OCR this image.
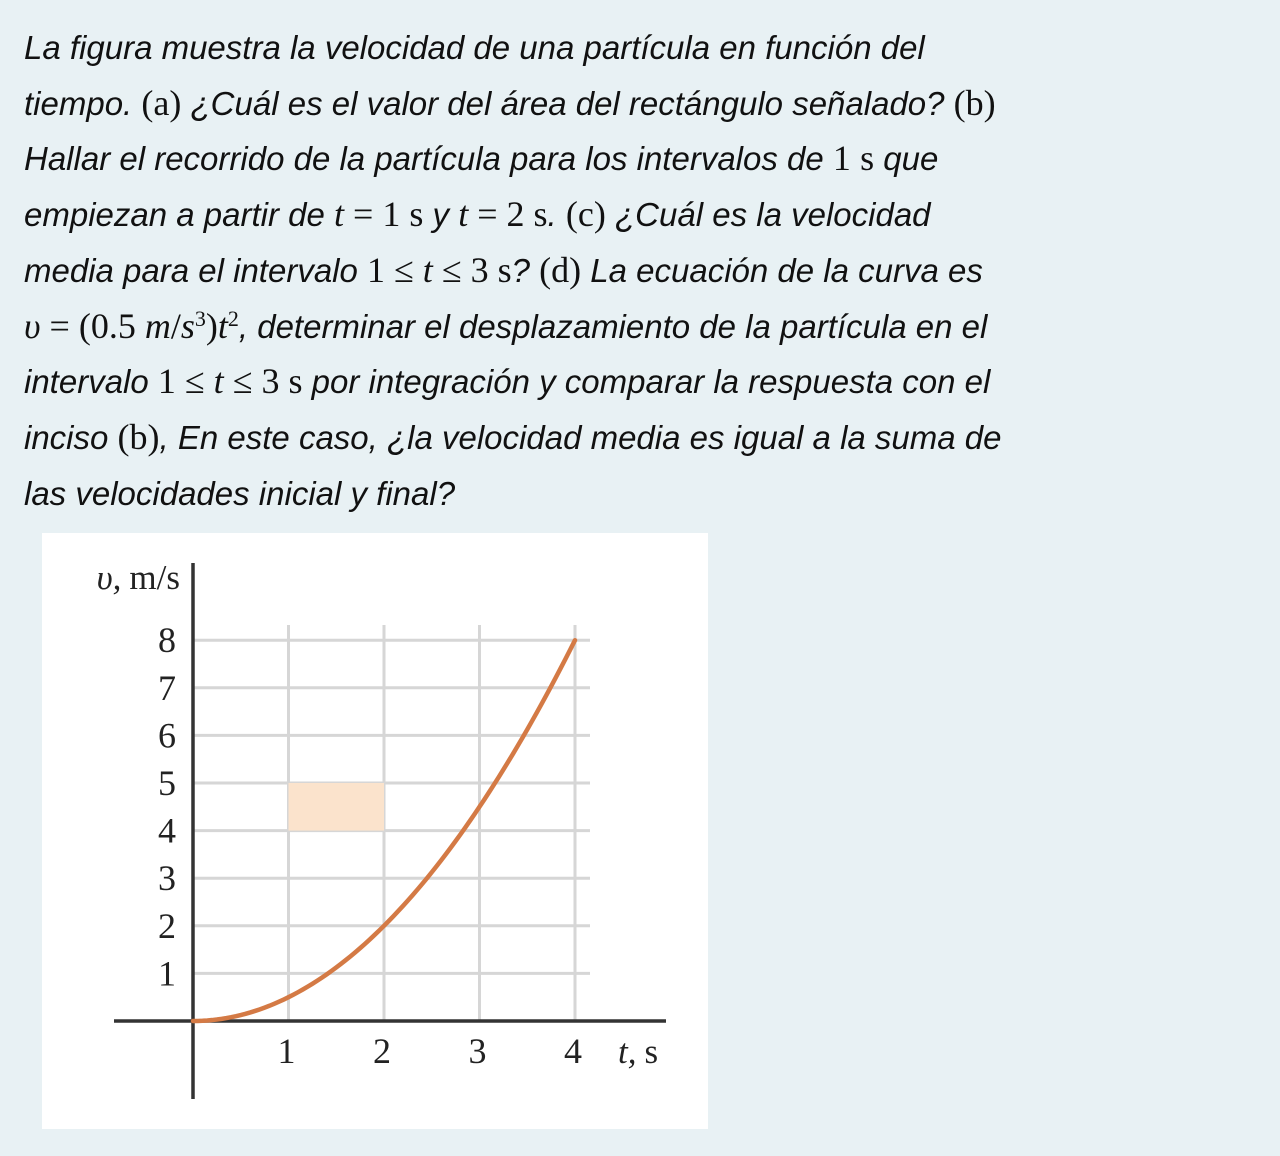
La figura muestra la velocidad de una partícula en función del
tiempo. (a) ¿Cuál es el valor del área del rectángulo señalado? (b)
Hallar el recorrido de la partícula para los intervalos de 1 s que
empiezan a partir de t = 1 s y t = 2 s. (c) ¿Cuál es la velocidad
media para el intervalo 1 ≤ t ≤ 3 s? (d) La ecuación de la curva es
υ = (0.5 $m/s^3)t^2$, determinar el desplazamiento de la partícula en el
intervalo 1 ≤ t ≤ 3 s por integración y comparar la respuesta con el
inciso (b), En este caso, ¿la velocidad media es igual a la suma de
las velocidades inicial y final?
1
2
3
4
5
6
7
8
1 2 3 4
υ, m/s
t, s
